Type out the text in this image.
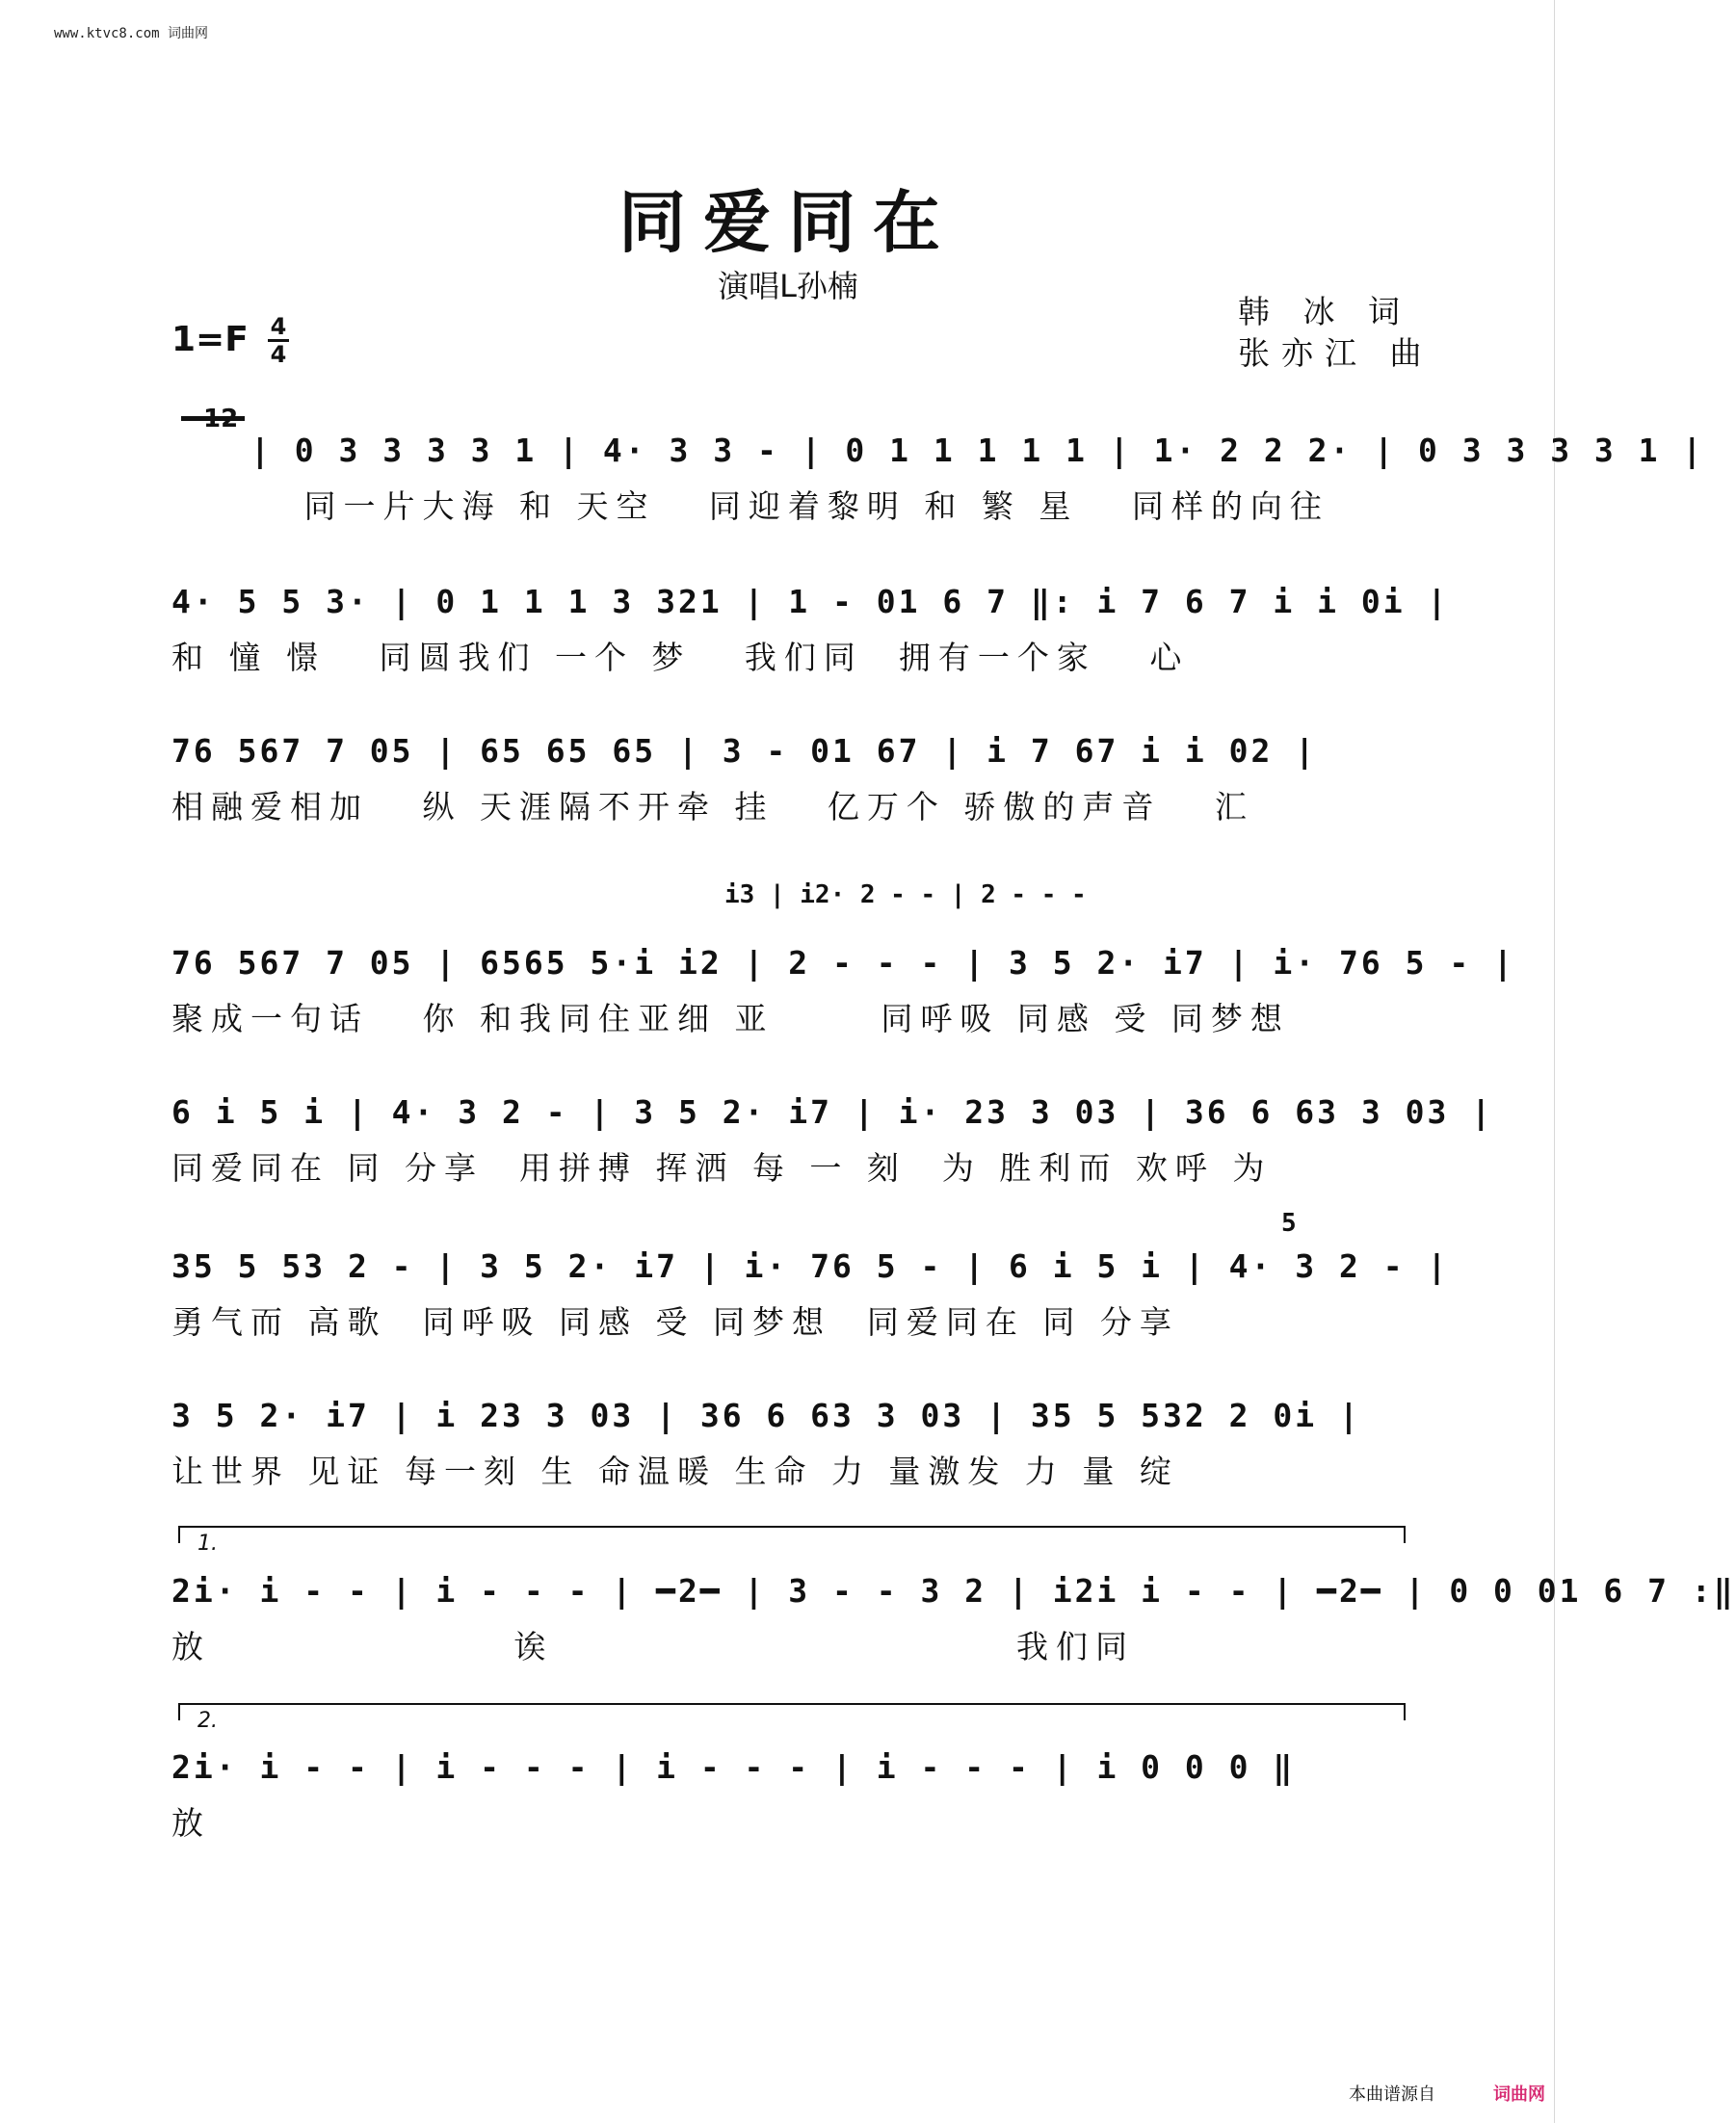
www.ktvc8.com 词曲网
同爱同在
演唱L孙楠
1=F 4
4
韩 冰 词
张亦江 曲
12
| 0 3 3 3 3 1 | 4· 3 3 - | 0 1 1 1 1 1 | 1· 2 2 2· | 0 3 3 3 3 1 |
同一片大海 和 天空   同迎着黎明 和 繁 星   同样的向往
4· 5 5 3· | 0 1 1 1 3 321 | 1 - 01 6 7 ‖: i 7 6 7 i i 0i |
和 憧 憬   同圆我们 一个 梦   我们同  拥有一个家   心
76 567 7 05 | 65 65 65 | 3 - 01 67 | i 7 67 i i 02 |
相融爱相加   纵 天涯隔不开牵 挂   亿万个 骄傲的声音   汇
i3 | i2· 2 - - | 2 - - -
76 567 7 05 | 6565 5·i i2 | 2 - - - | 3 5 2· i7 | i· 76 5 - |
聚成一句话   你 和我同住亚细 亚      同呼吸 同感 受 同梦想
6 i 5 i | 4· 3 2 - | 3 5 2· i7 | i· 23 3 03 | 36 6 63 3 03 |
同爱同在 同 分享  用拼搏 挥洒 每 一 刻  为 胜利而 欢呼 为
5
35 5 53 2 - | 3 5 2· i7 | i· 76 5 - | 6 i 5 i | 4· 3 2 - |
勇气而 高歌  同呼吸 同感 受 同梦想  同爱同在 同 分享
3 5 2· i7 | i 23 3 03 | 36 6 63 3 03 | 35 5 532 2 0i |
让世界 见证 每一刻 生 命温暖 生命 力 量激发 力 量 绽
1.
2i· i - - | i - - - | ━2━ | 3 - - 3 2 | i2i i - - | ━2━ | 0 0 01 6 7 :‖
放                 诶                          我们同
2.
2i· i - - | i - - - | i - - - | i - - - | i 0 0 0 ‖
放
本曲谱源自	词曲网
